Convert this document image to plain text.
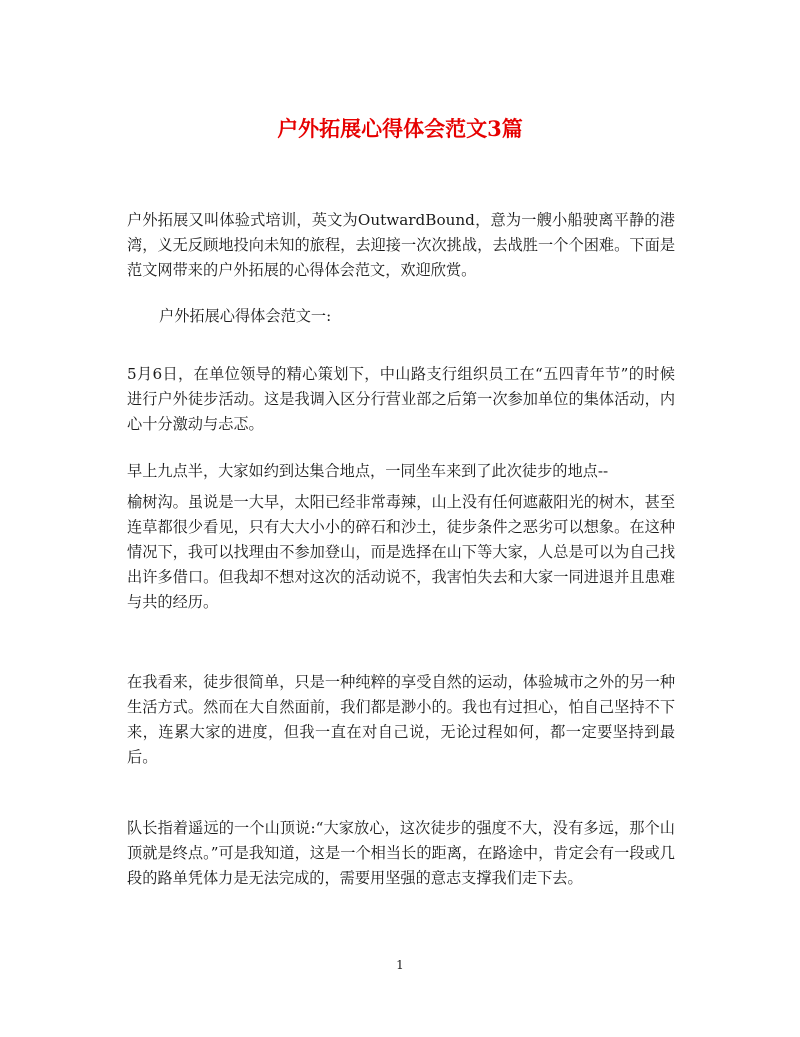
户外拓展心得体会范文3篇

户外拓展又叫体验式培训，英文为OutwardBound，意为一艘小船驶离平静的港湾，义无反顾地投向未知的旅程，去迎接一次次挑战，去战胜一个个困难。下面是范文网带来的户外拓展的心得体会范文，欢迎欣赏。

户外拓展心得体会范文一:

5月6日，在单位领导的精心策划下，中山路支行组织员工在“五四青年节”的时候进行户外徒步活动。这是我调入区分行营业部之后第一次参加单位的集体活动，内心十分激动与忐忑。

早上九点半，大家如约到达集合地点，一同坐车来到了此次徒步的地点--

榆树沟。虽说是一大早，太阳已经非常毒辣，山上没有任何遮蔽阳光的树木，甚至连草都很少看见，只有大大小小的碎石和沙土，徒步条件之恶劣可以想象。在这种情况下，我可以找理由不参加登山，而是选择在山下等大家，人总是可以为自己找出许多借口。但我却不想对这次的活动说不，我害怕失去和大家一同进退并且患难与共的经历。

在我看来，徒步很简单，只是一种纯粹的享受自然的运动，体验城市之外的另一种生活方式。然而在大自然面前，我们都是渺小的。我也有过担心，怕自己坚持不下来，连累大家的进度，但我一直在对自己说，无论过程如何，都一定要坚持到最后。

队长指着遥远的一个山顶说:“大家放心，这次徒步的强度不大，没有多远，那个山顶就是终点。”可是我知道，这是一个相当长的距离，在路途中，肯定会有一段或几段的路单凭体力是无法完成的，需要用坚强的意志支撑我们走下去。

1
